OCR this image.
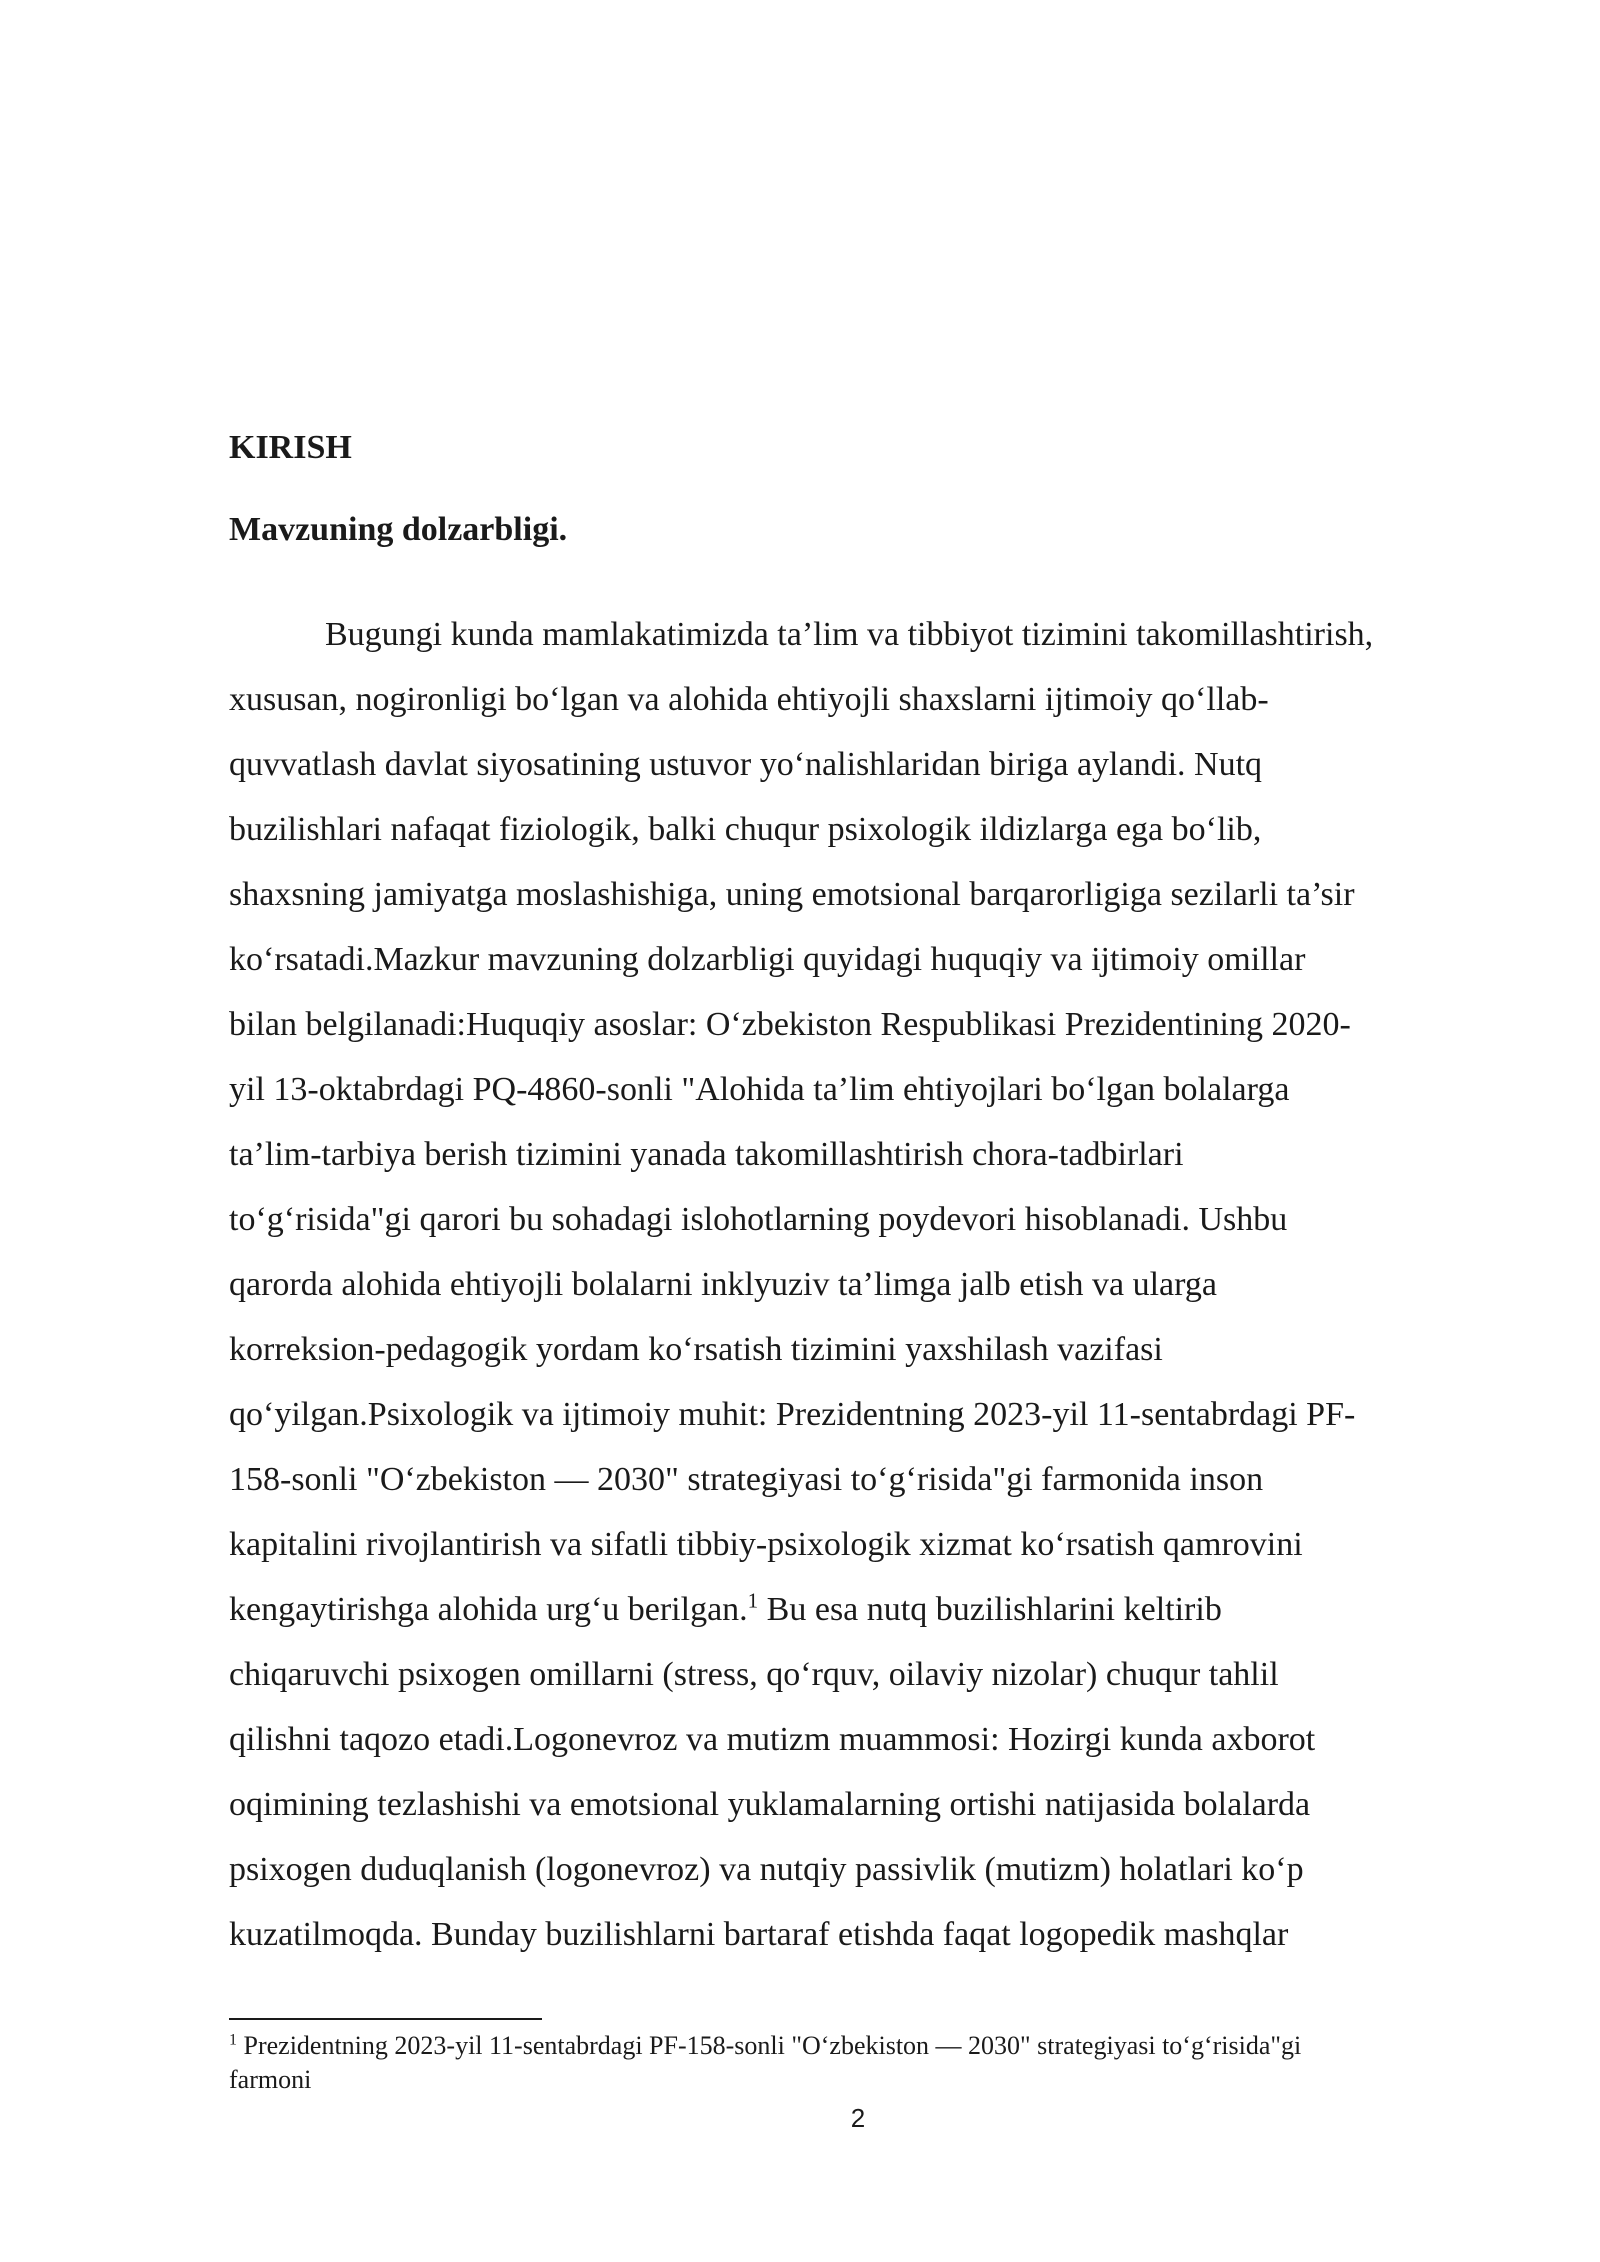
KIRISH
Mavzuning dolzarbligi.
Bugungi kunda mamlakatimizda ta’lim va tibbiyot tizimini takomillashtirish,
xususan, nogironligi bo‘lgan va alohida ehtiyojli shaxslarni ijtimoiy qo‘llab-
quvvatlash davlat siyosatining ustuvor yo‘nalishlaridan biriga aylandi. Nutq
buzilishlari nafaqat fiziologik, balki chuqur psixologik ildizlarga ega bo‘lib,
shaxsning jamiyatga moslashishiga, uning emotsional barqarorligiga sezilarli ta’sir
ko‘rsatadi.Mazkur mavzuning dolzarbligi quyidagi huquqiy va ijtimoiy omillar
bilan belgilanadi:Huquqiy asoslar: O‘zbekiston Respublikasi Prezidentining 2020-
yil 13-oktabrdagi PQ-4860-sonli "Alohida ta’lim ehtiyojlari bo‘lgan bolalarga
ta’lim-tarbiya berish tizimini yanada takomillashtirish chora-tadbirlari
to‘g‘risida"gi qarori bu sohadagi islohotlarning poydevori hisoblanadi. Ushbu
qarorda alohida ehtiyojli bolalarni inklyuziv ta’limga jalb etish va ularga
korreksion-pedagogik yordam ko‘rsatish tizimini yaxshilash vazifasi
qo‘yilgan.Psixologik va ijtimoiy muhit: Prezidentning 2023-yil 11-sentabrdagi PF-
158-sonli "O‘zbekiston — 2030" strategiyasi to‘g‘risida"gi farmonida inson
kapitalini rivojlantirish va sifatli tibbiy-psixologik xizmat ko‘rsatish qamrovini
kengaytirishga alohida urg‘u berilgan.$^1$ Bu esa nutq buzilishlarini keltirib
chiqaruvchi psixogen omillarni (stress, qo‘rquv, oilaviy nizolar) chuqur tahlil
qilishni taqozo etadi.Logonevroz va mutizm muammosi: Hozirgi kunda axborot
oqimining tezlashishi va emotsional yuklamalarning ortishi natijasida bolalarda
psixogen duduqlanish (logonevroz) va nutqiy passivlik (mutizm) holatlari ko‘p
kuzatilmoqda. Bunday buzilishlarni bartaraf etishda faqat logopedik mashqlar
$^1$ Prezidentning 2023-yil 11-sentabrdagi PF-158-sonli "O‘zbekiston — 2030" strategiyasi to‘g‘risida"gi
farmoni
2
